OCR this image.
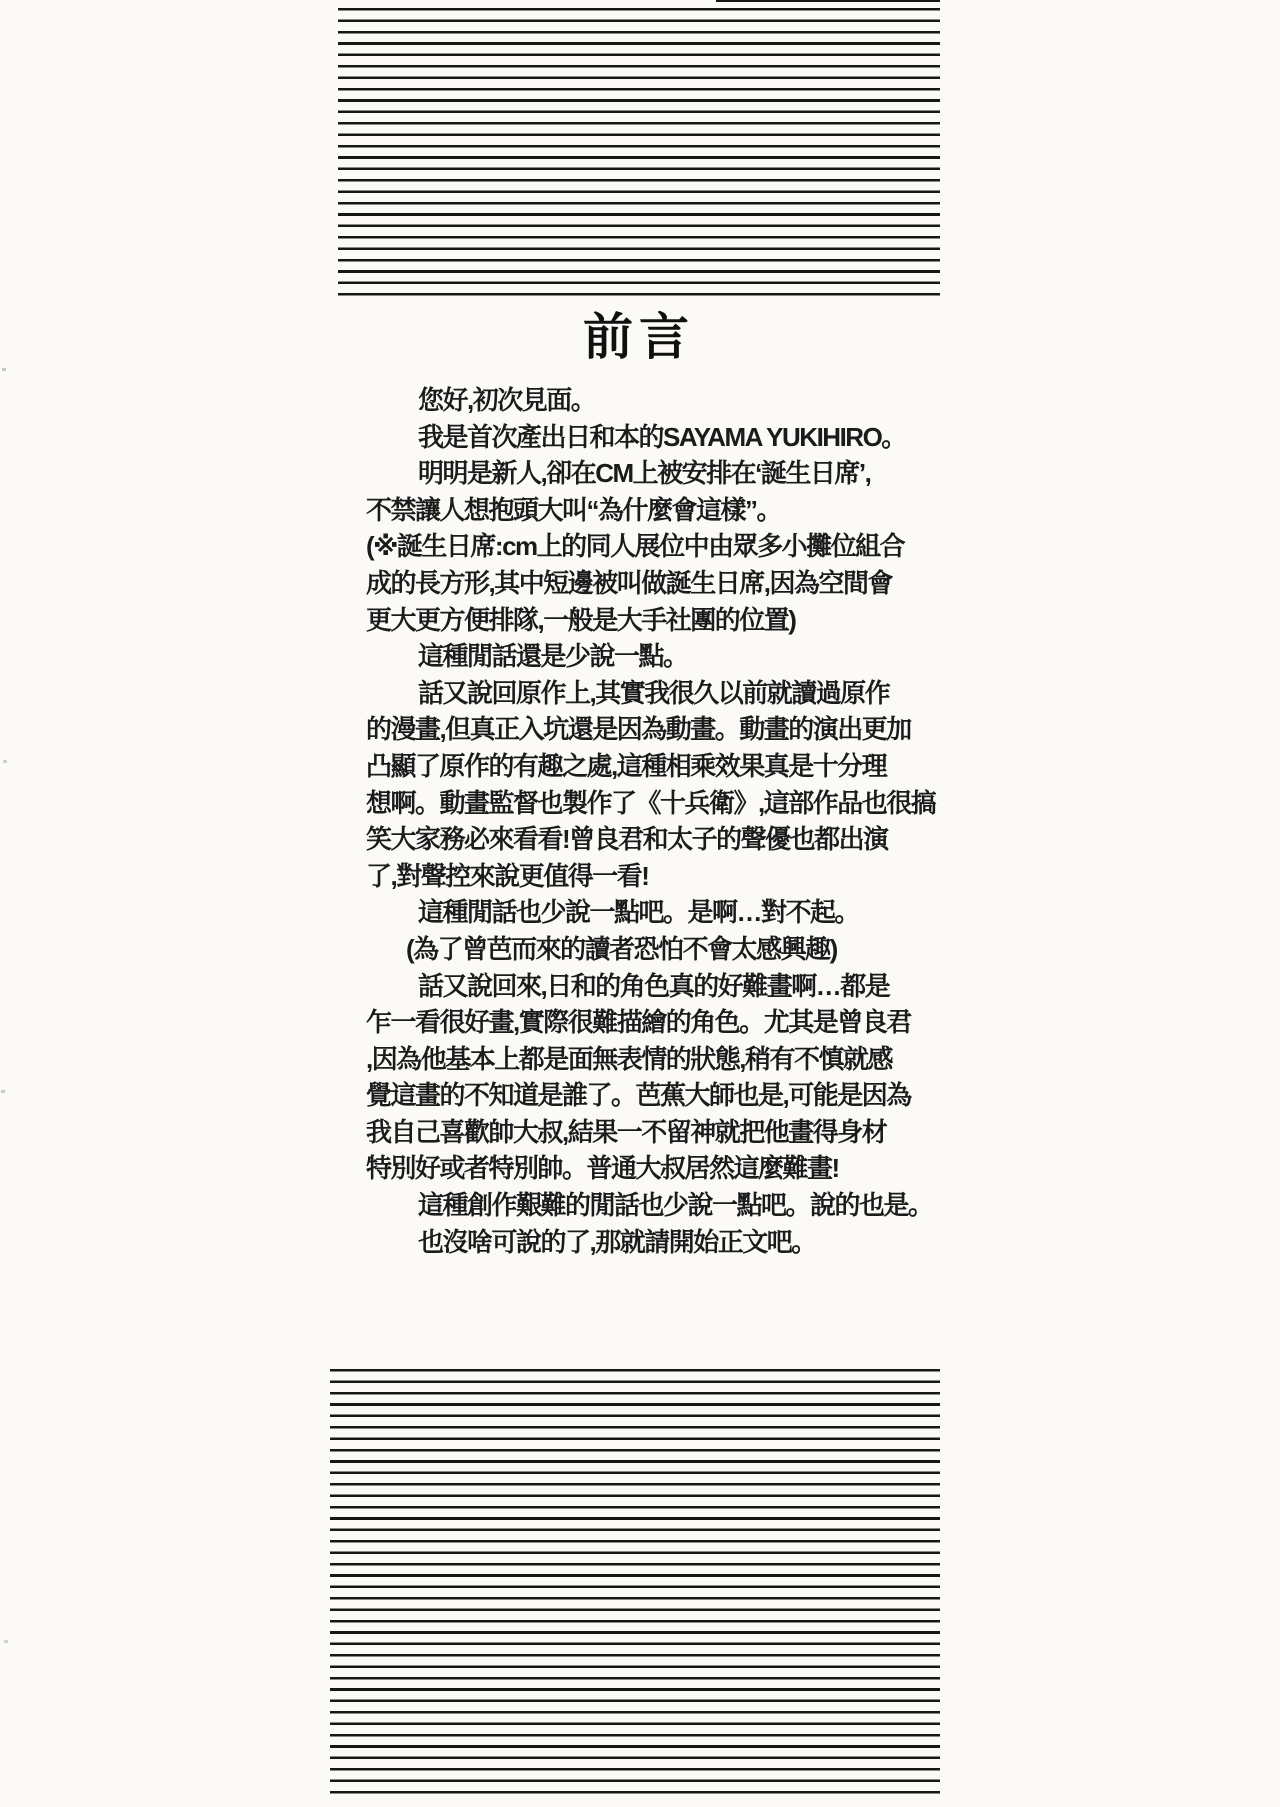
前言
您好,初次見面。
我是首次產出日和本的SAYAMA YUKIHIRO。
明明是新人,卻在CM上被安排在‘誕生日席’,
不禁讓人想抱頭大叫“為什麼會這樣”。
(※誕生日席:cm上的同人展位中由眾多小攤位組合
成的長方形,其中短邊被叫做誕生日席,因為空間會
更大更方便排隊,一般是大手社團的位置)
這種閒話還是少說一點。
話又說回原作上,其實我很久以前就讀過原作
的漫畫,但真正入坑還是因為動畫。動畫的演出更加
凸顯了原作的有趣之處,這種相乘效果真是十分理
想啊。動畫監督也製作了《十兵衛》,這部作品也很搞
笑大家務必來看看!曾良君和太子的聲優也都出演
了,對聲控來說更值得一看!
這種閒話也少說一點吧。是啊…對不起。
(為了曾芭而來的讀者恐怕不會太感興趣)
話又說回來,日和的角色真的好難畫啊…都是
乍一看很好畫,實際很難描繪的角色。尤其是曾良君
,因為他基本上都是面無表情的狀態,稍有不慎就感
覺這畫的不知道是誰了。芭蕉大師也是,可能是因為
我自己喜歡帥大叔,結果一不留神就把他畫得身材
特別好或者特別帥。普通大叔居然這麼難畫!
這種創作艱難的閒話也少說一點吧。說的也是。
也沒啥可說的了,那就請開始正文吧。
